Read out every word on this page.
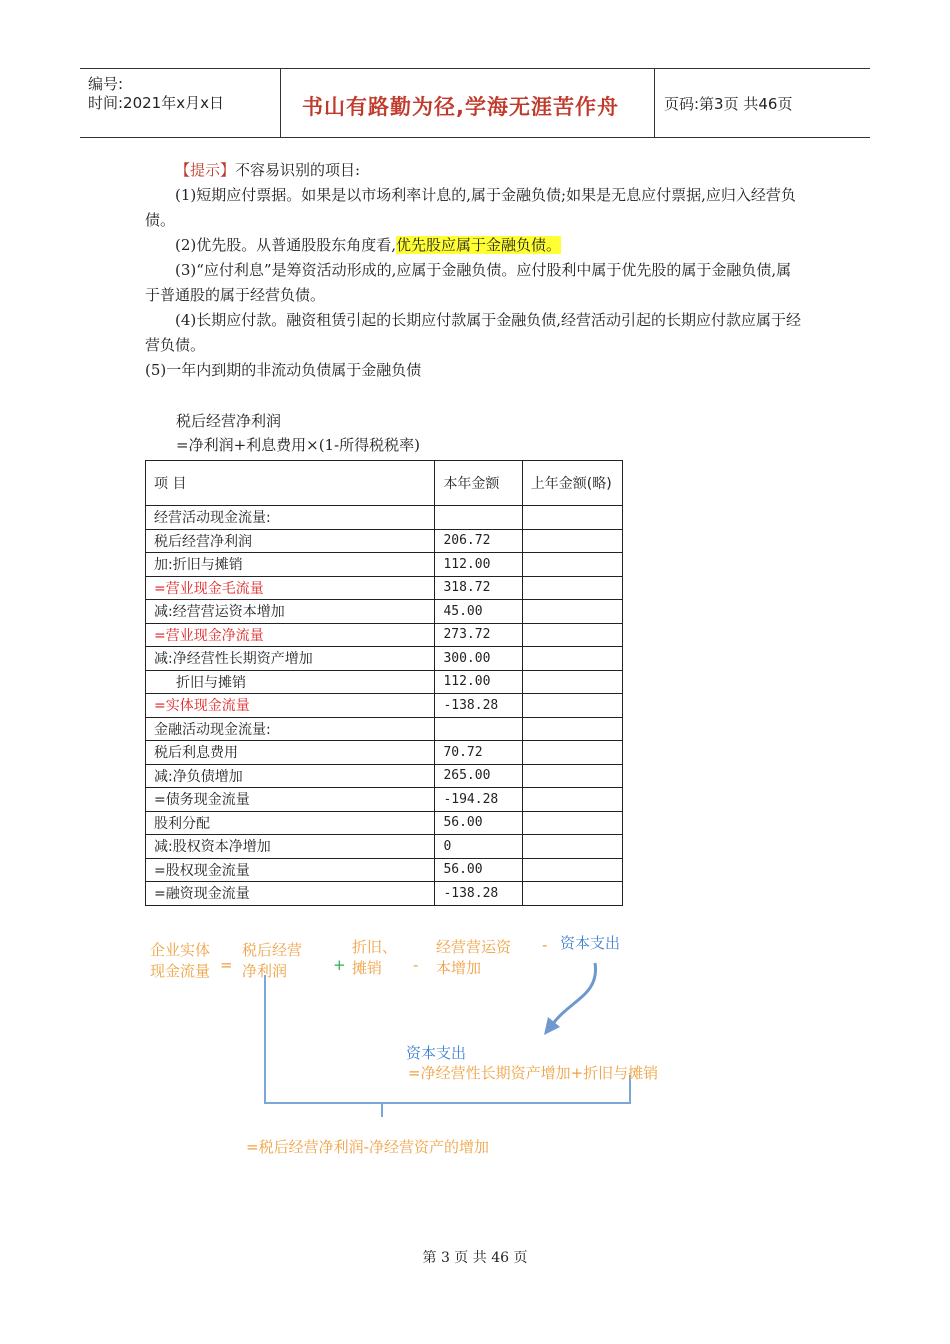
编号:
时间:2021年x月x日	书山有路勤为径,学海无涯苦作舟	页码:第3页 共46页

【提示】不容易识别的项目:

(1)短期应付票据。如果是以市场利率计息的,属于金融负债;如果是无息应付票据,应归入经营负债。

(2)优先股。从普通股股东角度看,优先股应属于金融负债。

(3)“应付利息”是筹资活动形成的,应属于金融负债。应付股利中属于优先股的属于金融负债,属于普通股的属于经营负债。

(4)长期应付款。融资租赁引起的长期应付款属于金融负债,经营活动引起的长期应付款应属于经营负债。

(5)一年内到期的非流动负债属于金融负债

税后经营净利润
=净利润+利息费用×(1-所得税税率)
项 目	本年金额	上年金额(略)
经营活动现金流量:		
税后经营净利润	206.72	
加:折旧与摊销	112.00	
=营业现金毛流量	318.72	
减:经营营运资本增加	45.00	
=营业现金净流量	273.72	
减:净经营性长期资产增加	300.00	
折旧与摊销	112.00	
=实体现金流量	-138.28	
金融活动现金流量:		
税后利息费用	70.72	
减:净负债增加	265.00	
=债务现金流量	-194.28	
股利分配	56.00	
减:股权资本净增加	0	
=股权现金流量	56.00	
=融资现金流量	-138.28	
企业实体
现金流量 =
税后经营
净利润	+
折旧、
摊销	-
经营营运资
本增加
- 资本支出
资本支出
=净经营性长期资产增加+折旧与摊销
=税后经营净利润-净经营资产的增加
第 3 页 共 46 页
